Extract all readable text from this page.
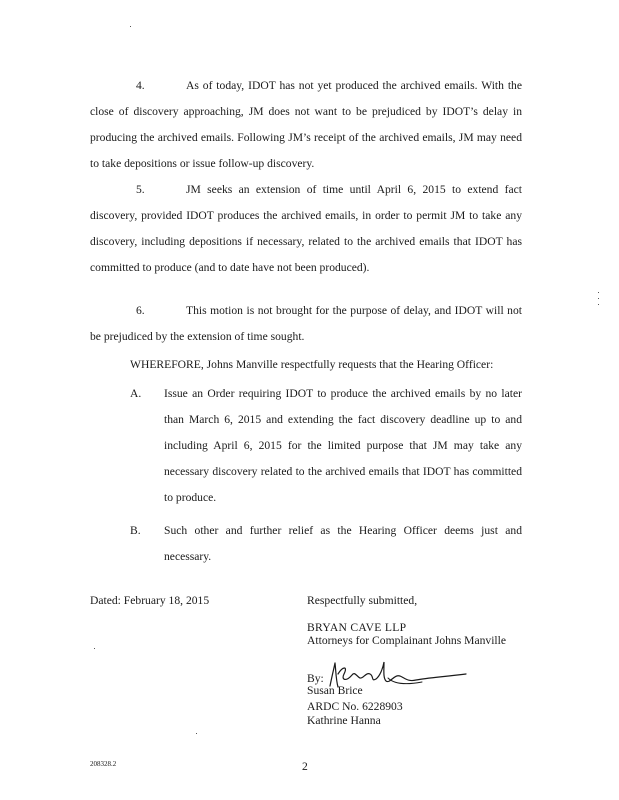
4.	As of today, IDOT has not yet produced the archived emails. With the close of discovery approaching, JM does not want to be prejudiced by IDOT’s delay in producing the archived emails. Following JM’s receipt of the archived emails, JM may need to take depositions or issue follow-up discovery.

5.	JM seeks an extension of time until April 6, 2015 to extend fact discovery, provided IDOT produces the archived emails, in order to permit JM to take any discovery, including depositions if necessary, related to the archived emails that IDOT has committed to produce (and to date have not been produced).

6.	This motion is not brought for the purpose of delay, and IDOT will not be prejudiced by the extension of time sought.

WHEREFORE, Johns Manville respectfully requests that the Hearing Officer:

A. Issue an Order requiring IDOT to produce the archived emails by no later than March 6, 2015 and extending the fact discovery deadline up to and including April 6, 2015 for the limited purpose that JM may take any necessary discovery related to the archived emails that IDOT has committed to produce.
B. Such other and further relief as the Hearing Officer deems just and necessary.

Dated: February 18, 2015	Respectfully submitted,

BRYAN CAVE LLP

Attorneys for Complainant Johns Manville

By:

Susan Brice

ARDC No. 6228903

Kathrine Hanna

208328.2	2
